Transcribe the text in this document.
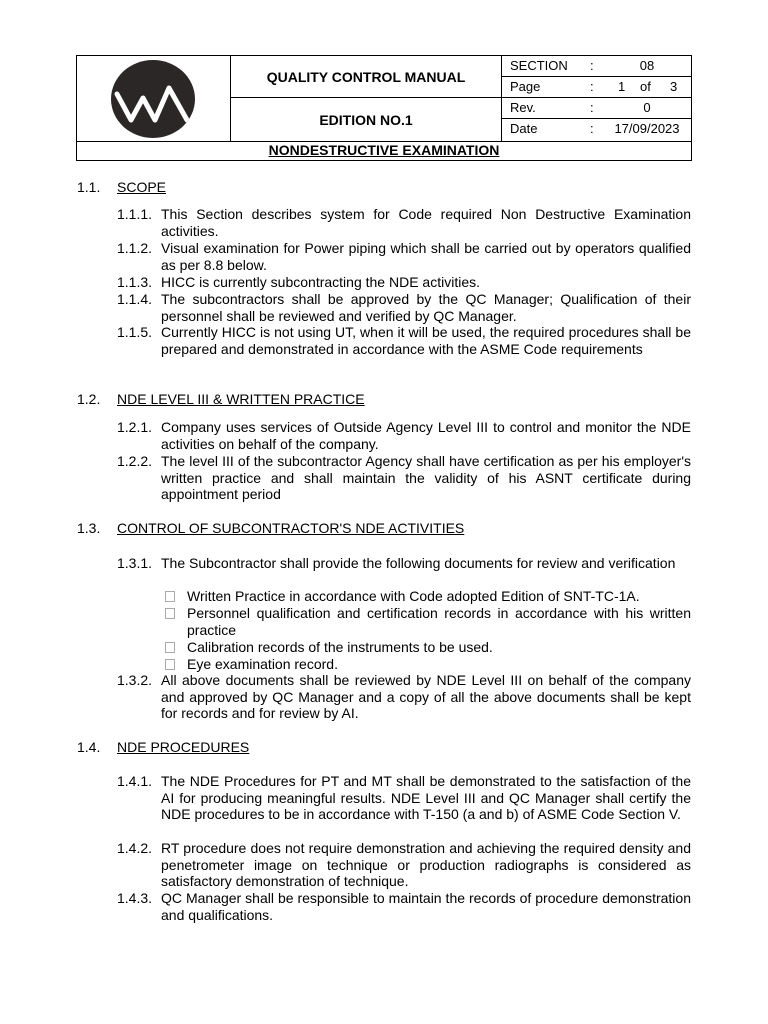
QUALITY CONTROL MANUAL
EDITION NO.1
SECTION :	08
Page	: 1 of 3
Rev.	:	0
Date	: 17/09/2023
NONDESTRUCTIVE EXAMINATION
1.1. SCOPE
1.1.1. This Section describes system for Code required Non Destructive Examination activities.
1.1.2. Visual examination for Power piping which shall be carried out by operators qualified as per 8.8 below.
1.1.3. HICC is currently subcontracting the NDE activities.
1.1.4. The subcontractors shall be approved by the QC Manager; Qualification of their personnel shall be reviewed and verified by QC Manager.
1.1.5. Currently HICC is not using UT, when it will be used, the required procedures shall be prepared and demonstrated in accordance with the ASME Code requirements
1.2. NDE LEVEL III & WRITTEN PRACTICE
1.2.1. Company uses services of Outside Agency Level III to control and monitor the NDE activities on behalf of the company.
1.2.2. The level III of the subcontractor Agency shall have certification as per his employer's written practice and shall maintain the validity of his ASNT certificate during appointment period
1.3. CONTROL OF SUBCONTRACTOR'S NDE ACTIVITIES
1.3.1. The Subcontractor shall provide the following documents for review and verification
Written Practice in accordance with Code adopted Edition of SNT-TC-1A.
Personnel qualification and certification records in accordance with his written practice
Calibration records of the instruments to be used.
Eye examination record.
1.3.2. All above documents shall be reviewed by NDE Level III on behalf of the company and approved by QC Manager and a copy of all the above documents shall be kept for records and for review by AI.
1.4. NDE PROCEDURES
1.4.1. The NDE Procedures for PT and MT shall be demonstrated to the satisfaction of the AI for producing meaningful results. NDE Level III and QC Manager shall certify the NDE procedures to be in accordance with T-150 (a and b) of ASME Code Section V.
1.4.2. RT procedure does not require demonstration and achieving the required density and penetrometer image on technique or production radiographs is considered as satisfactory demonstration of technique.
1.4.3. QC Manager shall be responsible to maintain the records of procedure demonstration and qualifications.
